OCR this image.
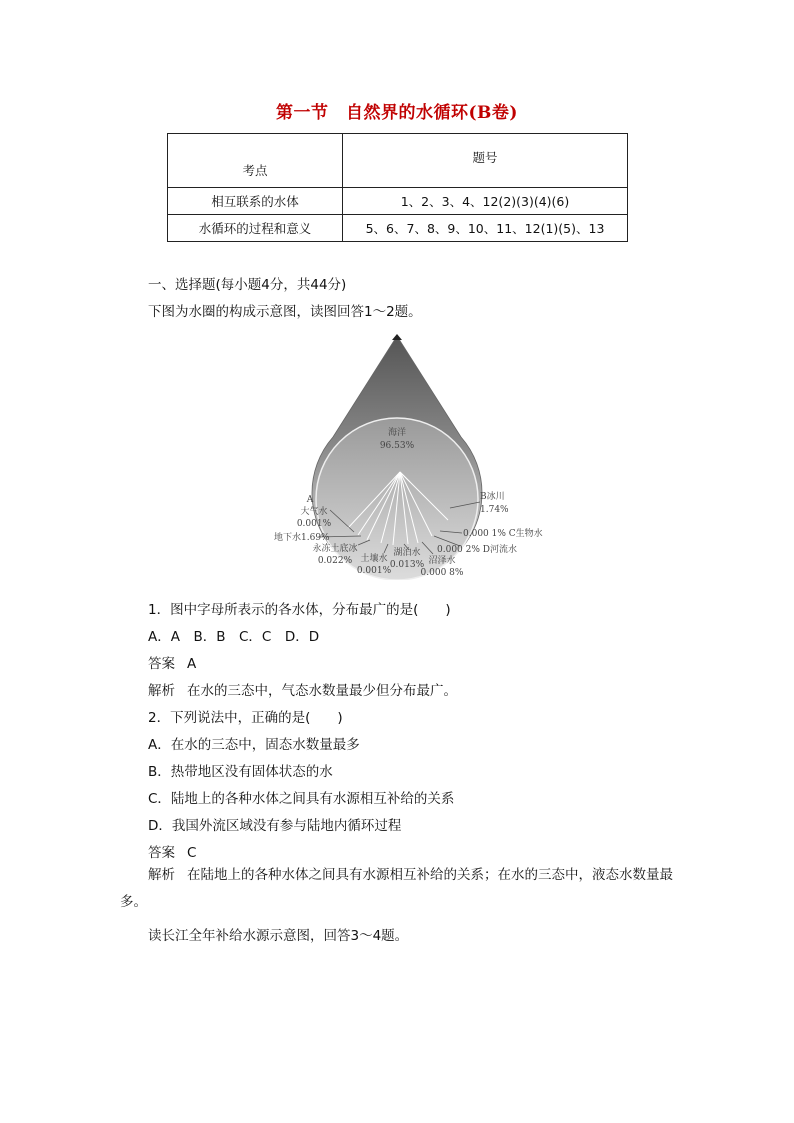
第一节　自然界的水循环(B卷)
考点	题号
相互联系的水体	1、2、3、4、12(2)(3)(4)(6)
水循环的过程和意义	5、6、7、8、9、10、11、12(1)(5)、13
一、选择题(每小题4分，共44分)
下图为水圈的构成示意图，读图回答1～2题。
海洋
96.53%
A
大气水
0.001%
地下水1.69%
永冻土底冰
0.022% 土壤水
0.001%
湖泊水
0.013% 沼泽水
0.000 8%
0.000 2% D河流水
0.000 1% C生物水
B冰川
1.74%
1．图中字母所表示的各水体，分布最广的是(　　)
A．A　B．B　C．C　D．D
答案 A
解析 在水的三态中，气态水数量最少但分布最广。
2．下列说法中，正确的是(　　)
A．在水的三态中，固态水数量最多
B．热带地区没有固体状态的水
C．陆地上的各种水体之间具有水源相互补给的关系
D．我国外流区域没有参与陆地内循环过程
答案 C
解析 在陆地上的各种水体之间具有水源相互补给的关系；在水的三态中，液态水数量最多。
读长江全年补给水源示意图，回答3～4题。
